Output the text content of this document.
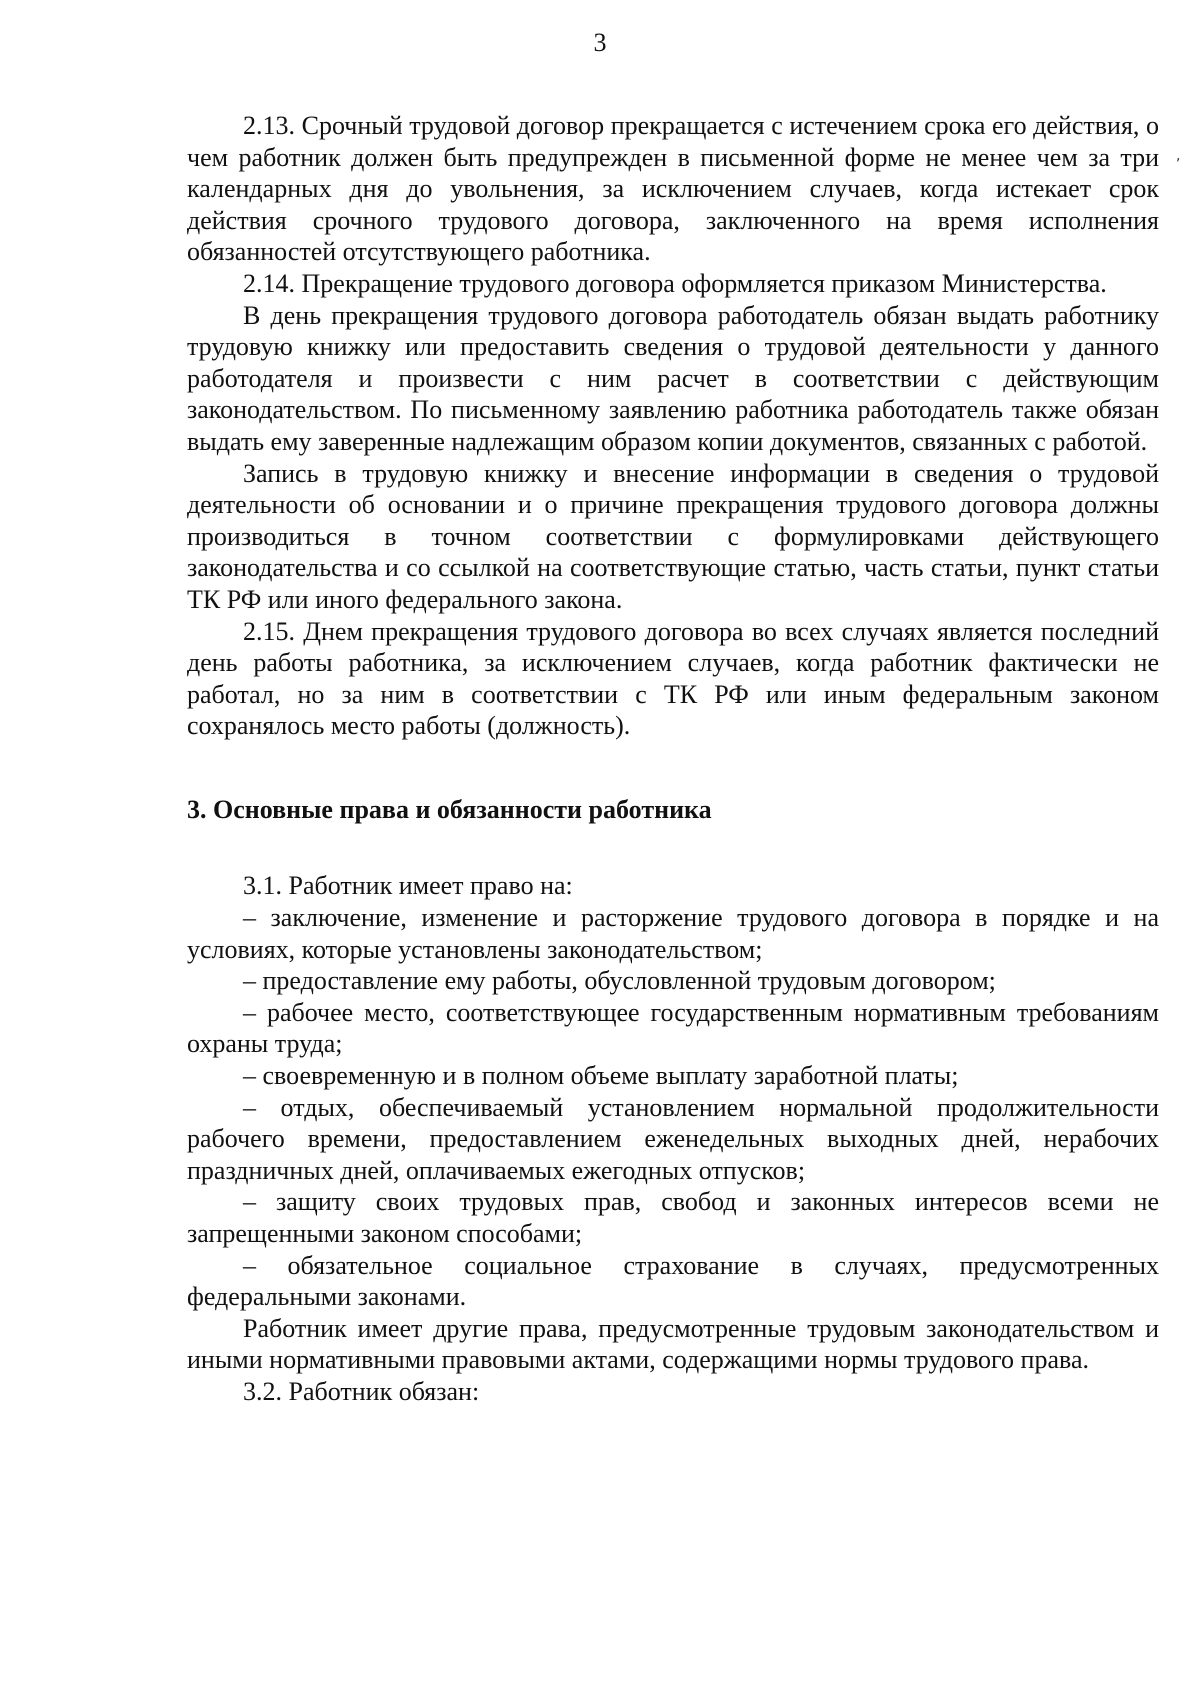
3
,

2.13. Срочный трудовой договор прекращается с истечением срока его действия, о чем работник должен быть предупрежден в письменной форме не менее чем за три календарных дня до увольнения, за исключением случаев, когда истекает срок действия срочного трудового договора, заключенного на время исполнения обязанностей отсутствующего работника.

2.14. Прекращение трудового договора оформляется приказом Министерства.

В день прекращения трудового договора работодатель обязан выдать работнику трудовую книжку или предоставить сведения о трудовой деятельности у данного работодателя и произвести с ним расчет в соответствии с действующим законодательством. По письменному заявлению работника работодатель также обязан выдать ему заверенные надлежащим образом копии документов, связанных с работой.

Запись в трудовую книжку и внесение информации в сведения о трудовой деятельности об основании и о причине прекращения трудового договора должны производиться в точном соответствии с формулировками действующего законодательства и со ссылкой на соответствующие статью, часть статьи, пункт статьи ТК РФ или иного федерального закона.

2.15. Днем прекращения трудового договора во всех случаях является последний день работы работника, за исключением случаев, когда работник фактически не работал, но за ним в соответствии с ТК РФ или иным федеральным законом сохранялось место работы (должность).

3. Основные права и обязанности работника

3.1. Работник имеет право на:

– заключение, изменение и расторжение трудового договора в порядке и на условиях, которые установлены законодательством;

– предоставление ему работы, обусловленной трудовым договором;

– рабочее место, соответствующее государственным нормативным требованиям охраны труда;

– своевременную и в полном объеме выплату заработной платы;

– отдых, обеспечиваемый установлением нормальной продолжительности рабочего времени, предоставлением еженедельных выходных дней, нерабочих праздничных дней, оплачиваемых ежегодных отпусков;

– защиту своих трудовых прав, свобод и законных интересов всеми не запрещенными законом способами;

– обязательное социальное страхование в случаях, предусмотренных федеральными законами.

Работник имеет другие права, предусмотренные трудовым законодательством и иными нормативными правовыми актами, содержащими нормы трудового права.

3.2. Работник обязан:
